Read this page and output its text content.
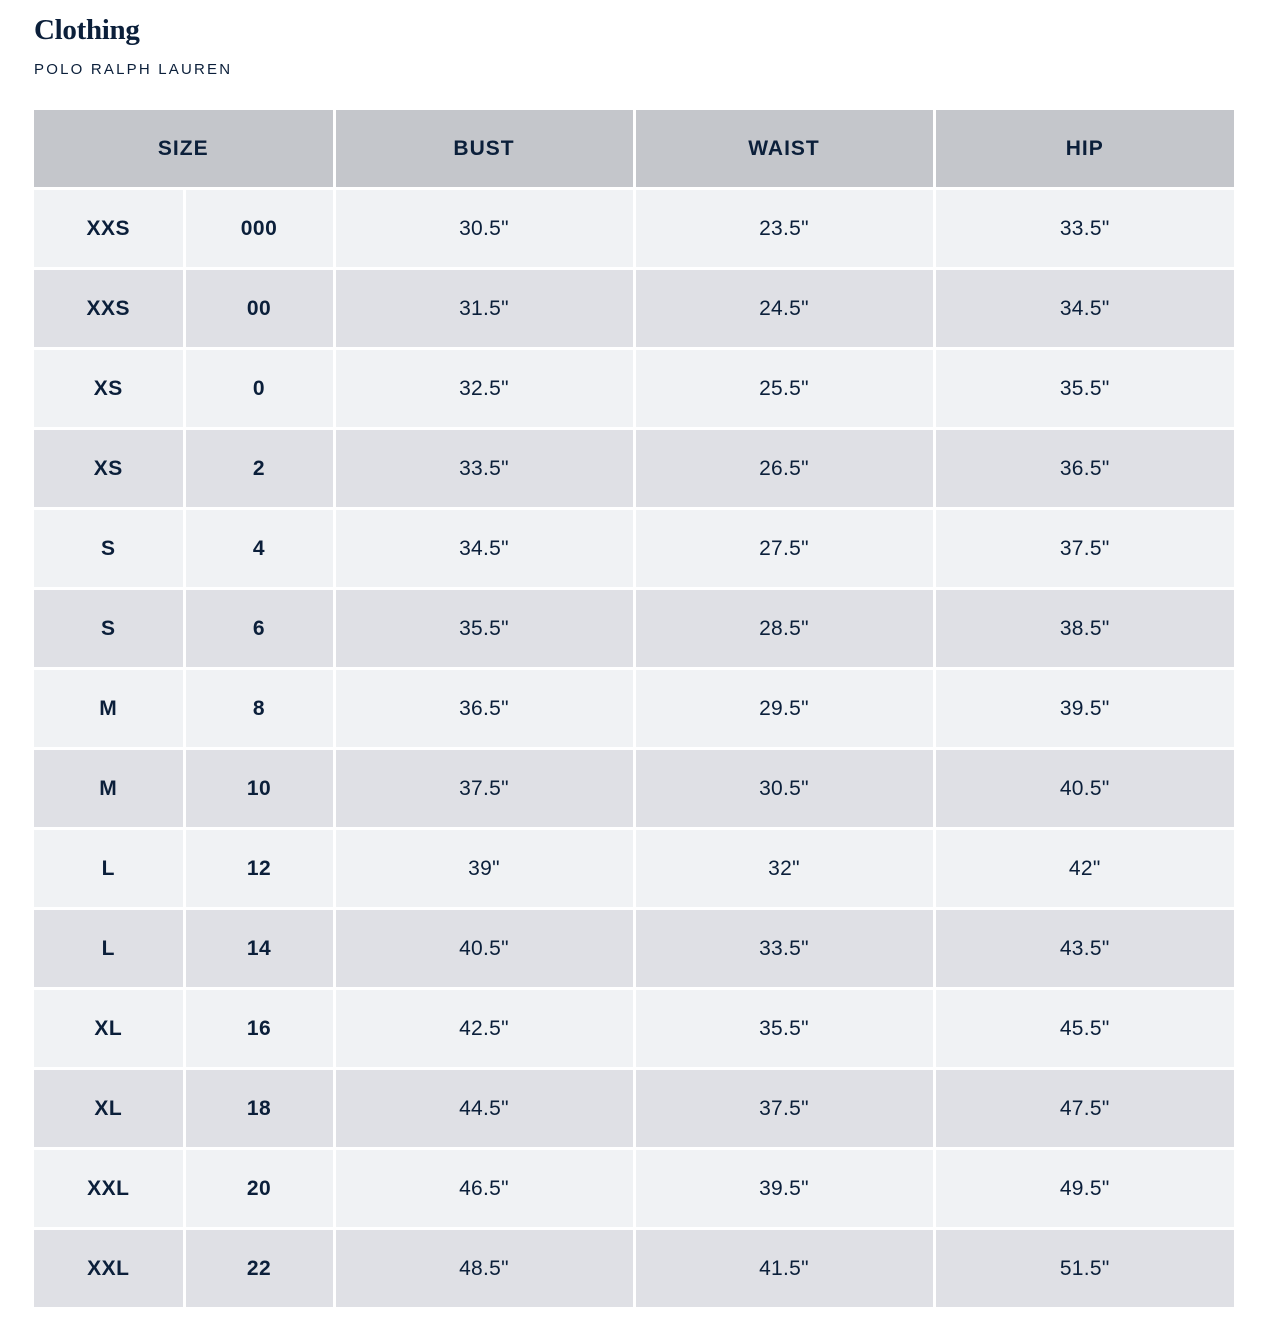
Clothing
POLO RALPH LAUREN
SIZE		BUST	WAIST	HIP
XXS	000	30.5"	23.5"	33.5"
XXS	00	31.5"	24.5"	34.5"
XS	0	32.5"	25.5"	35.5"
XS	2	33.5"	26.5"	36.5"
S	4	34.5"	27.5"	37.5"
S	6	35.5"	28.5"	38.5"
M	8	36.5"	29.5"	39.5"
M	10	37.5"	30.5"	40.5"
L	12	39"	32"	42"
L	14	40.5"	33.5"	43.5"
XL	16	42.5"	35.5"	45.5"
XL	18	44.5"	37.5"	47.5"
XXL	20	46.5"	39.5"	49.5"
XXL	22	48.5"	41.5"	51.5"
